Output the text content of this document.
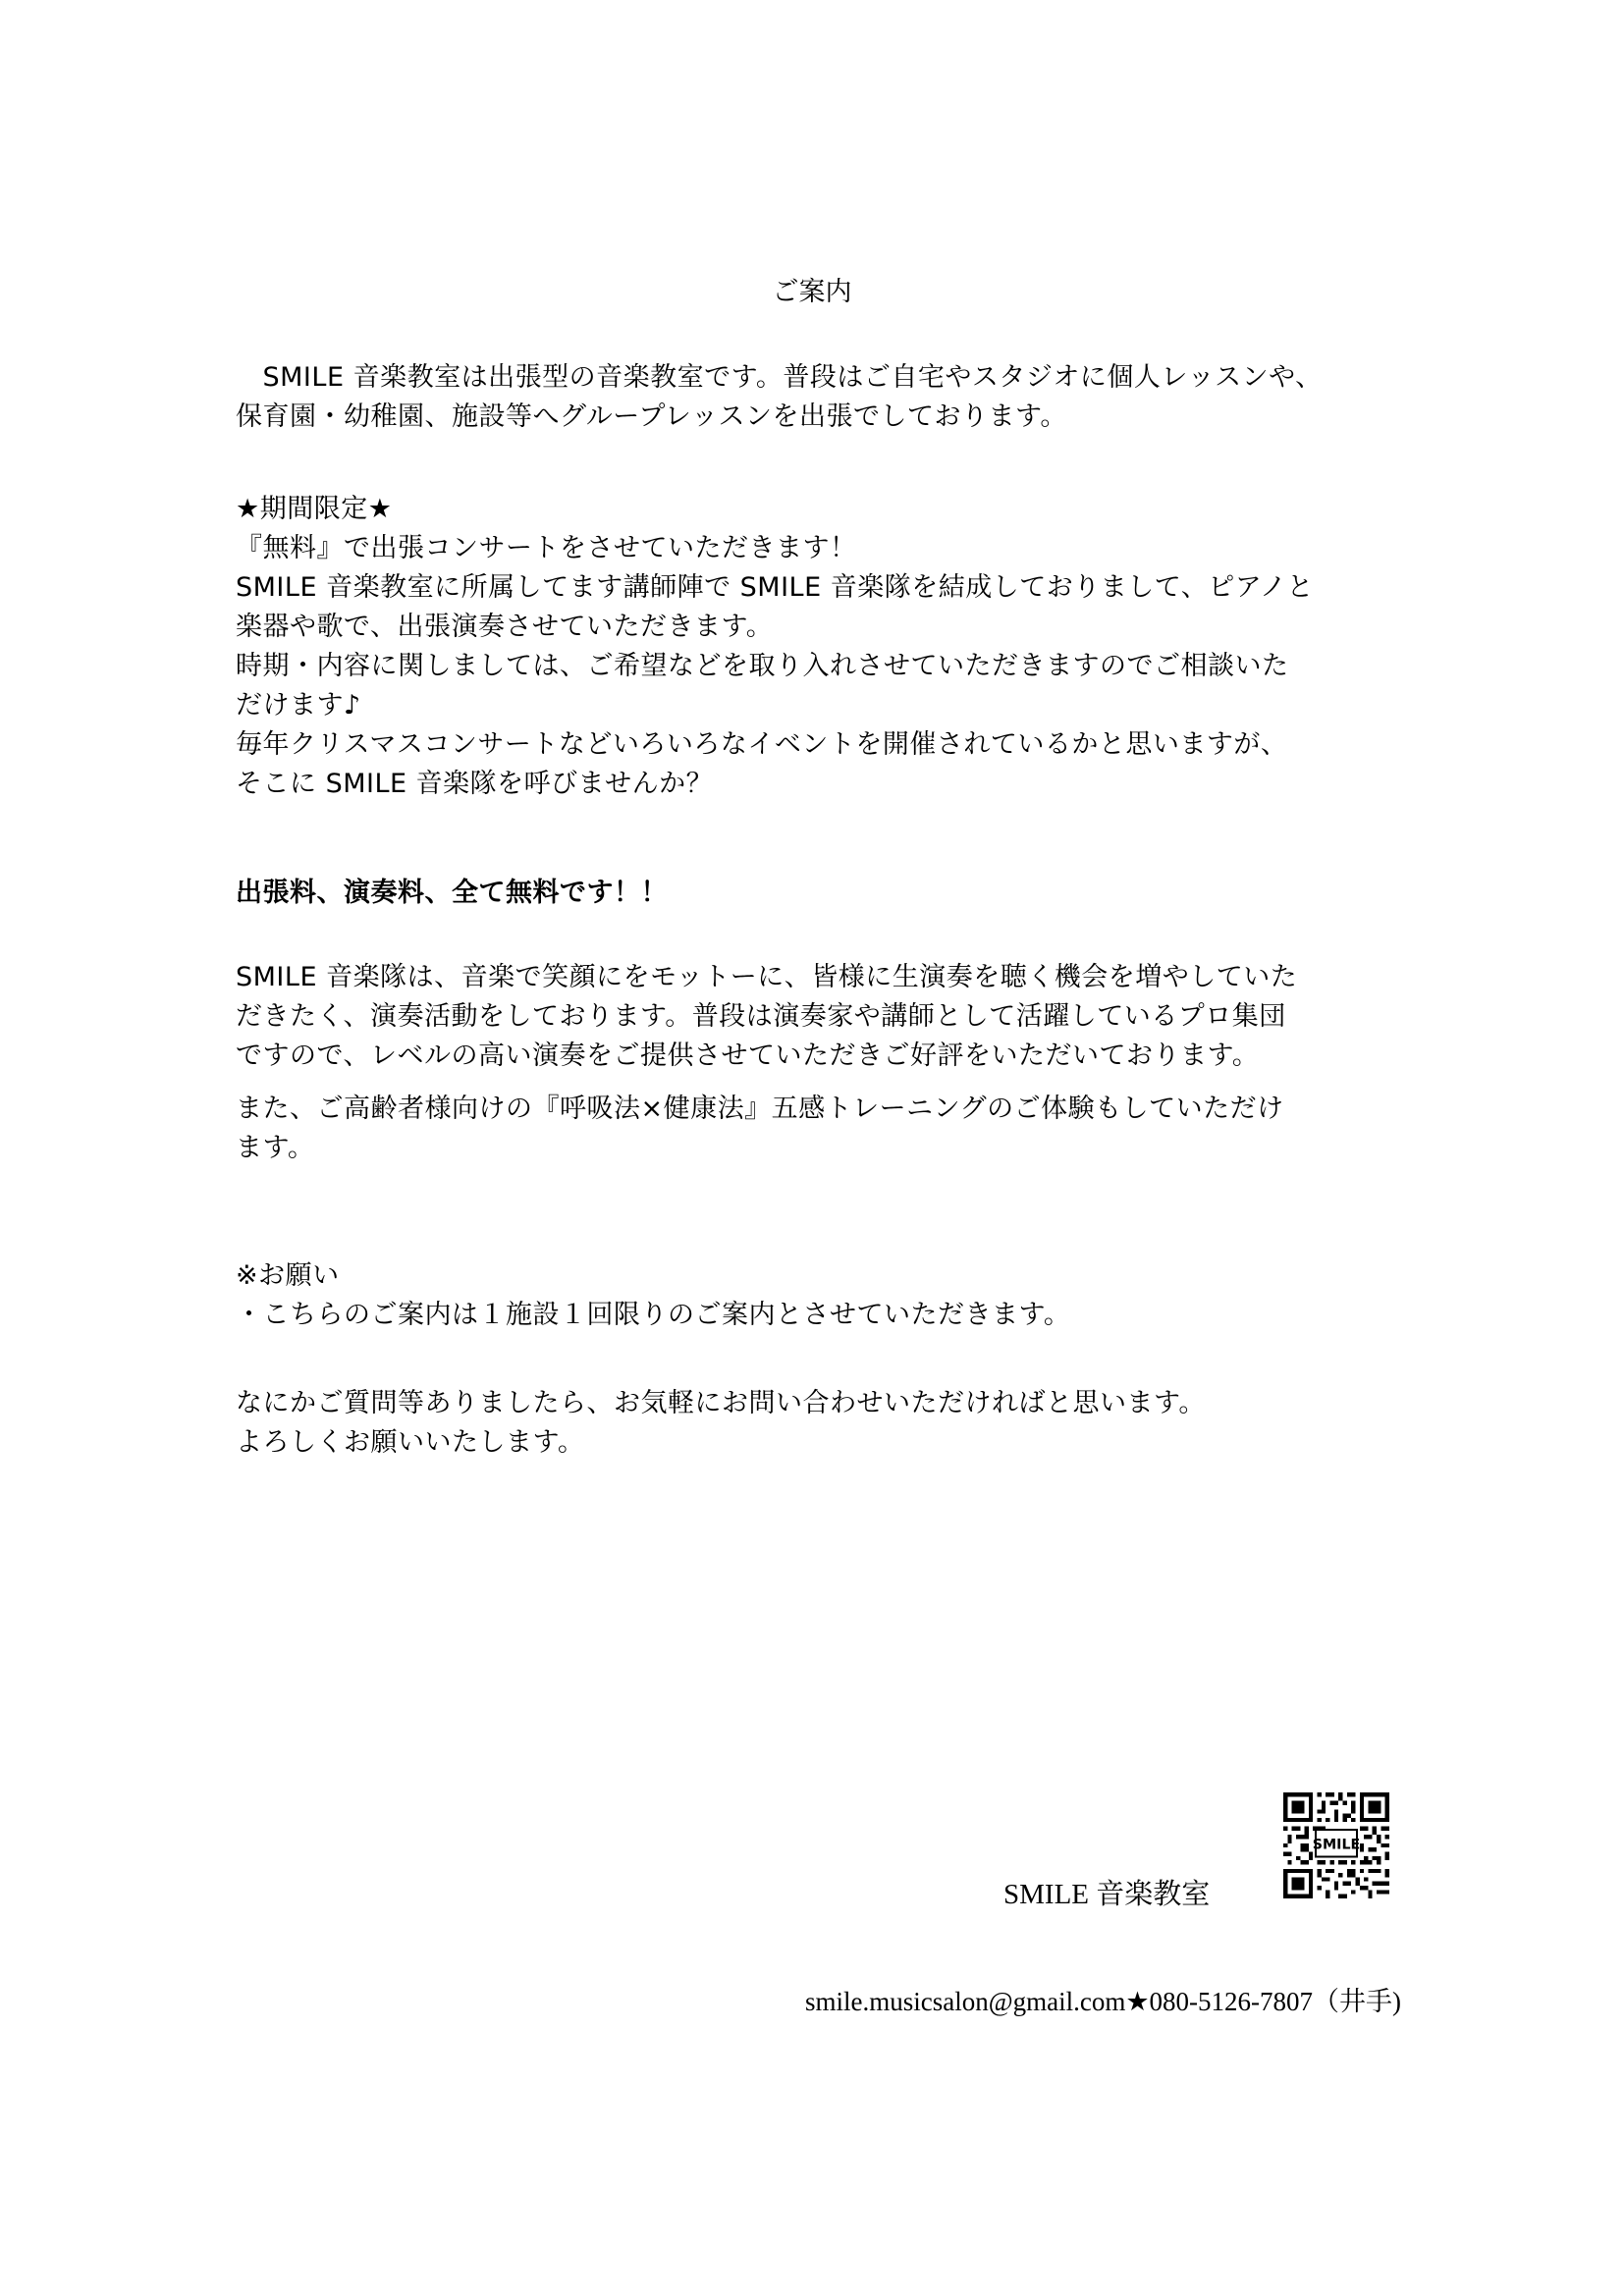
ご案内
　SMILE 音楽教室は出張型の音楽教室です。普段はご自宅やスタジオに個人レッスンや、
保育園・幼稚園、施設等へグループレッスンを出張でしております。
★期間限定★
『無料』で出張コンサートをさせていただきます！
SMILE 音楽教室に所属してます講師陣で SMILE 音楽隊を結成しておりまして、ピアノと
楽器や歌で、出張演奏させていただきます。
時期・内容に関しましては、ご希望などを取り入れさせていただきますのでご相談いた
だけます♪
毎年クリスマスコンサートなどいろいろなイベントを開催されているかと思いますが、
そこに SMILE 音楽隊を呼びませんか？
出張料、演奏料、全て無料です！！
SMILE 音楽隊は、音楽で笑顔にをモットーに、皆様に生演奏を聴く機会を増やしていた
だきたく、演奏活動をしております。普段は演奏家や講師として活躍しているプロ集団
ですので、レベルの高い演奏をご提供させていただきご好評をいただいております。
また、ご高齢者様向けの『呼吸法×健康法』五感トレーニングのご体験もしていただけ
ます。
※お願い
・こちらのご案内は１施設１回限りのご案内とさせていただきます。
なにかご質問等ありましたら、お気軽にお問い合わせいただければと思います。
よろしくお願いいたします。
SMILE
SMILE 音楽教室
smile.musicsalon@gmail.com★080-5126-7807（井手)
